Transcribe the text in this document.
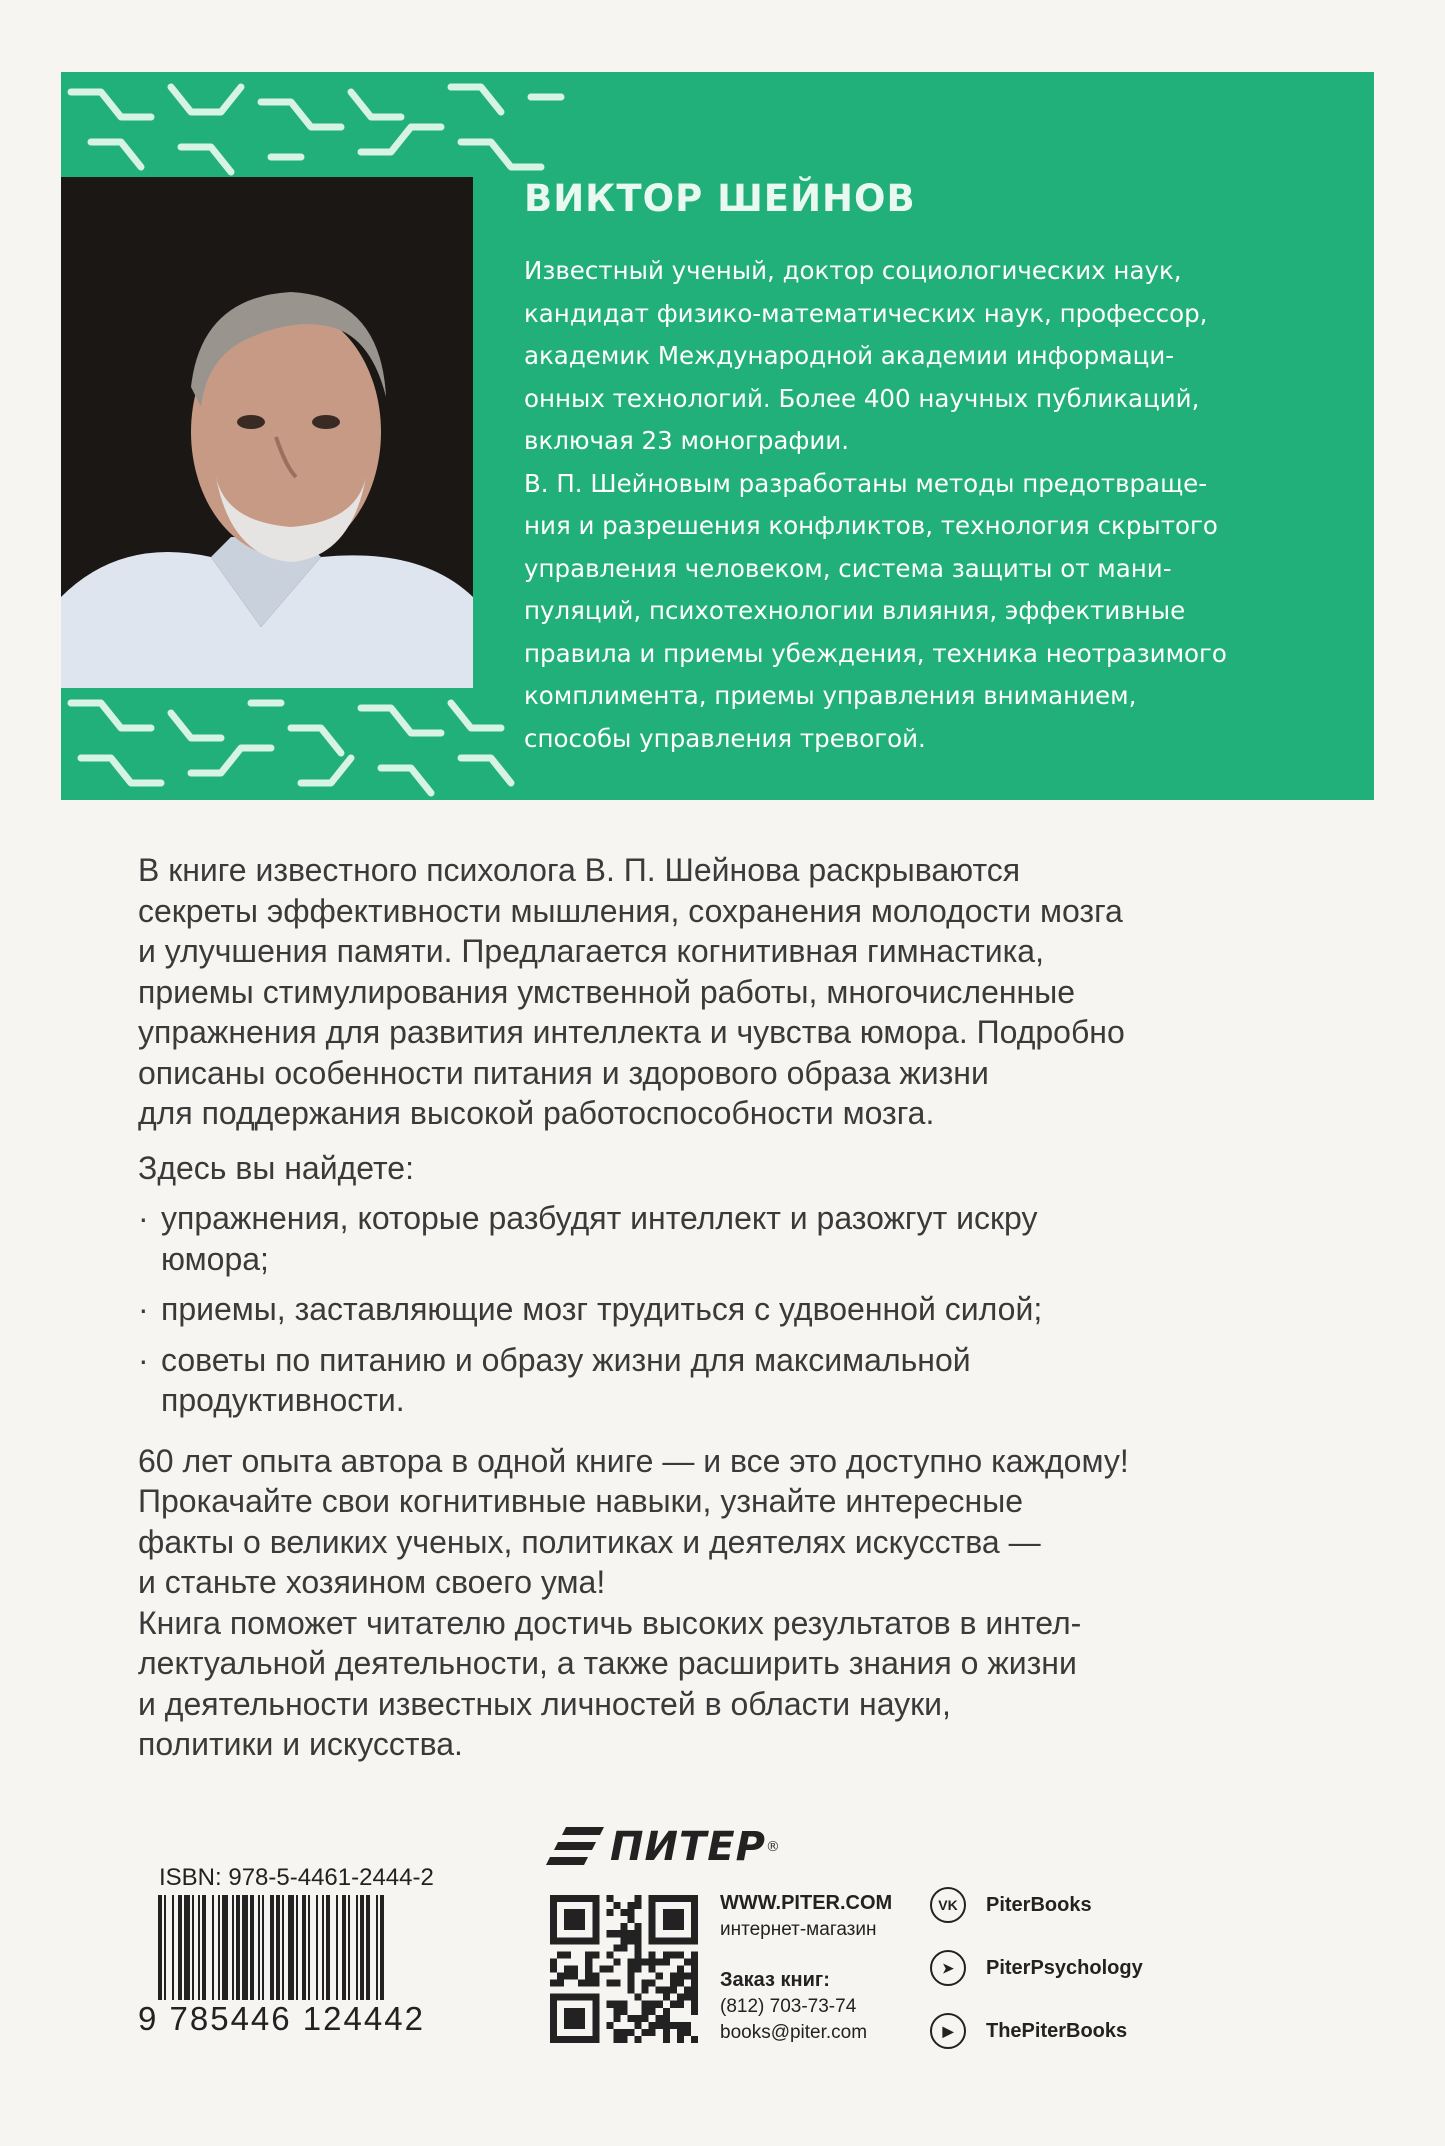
ВИКТОР ШЕЙНОВ

Известный ученый, доктор социологических наук,

кандидат физико-математических наук, профессор,

академик Международной академии информаци-

онных технологий. Более 400 научных публикаций,

включая 23 монографии.

В. П. Шейновым разработаны методы предотвраще-

ния и разрешения конфликтов, технология скрытого

управления человеком, система защиты от мани-

пуляций, психотехнологии влияния, эффективные

правила и приемы убеждения, техника неотразимого

комплимента, приемы управления вниманием,

способы управления тревогой.

В книге известного психолога В. П. Шейнова раскрываются

секреты эффективности мышления, сохранения молодости мозга

и улучшения памяти. Предлагается когнитивная гимнастика,

приемы стимулирования умственной работы, многочисленные

упражнения для развития интеллекта и чувства юмора. Подробно

описаны особенности питания и здорового образа жизни

для поддержания высокой работоспособности мозга.

Здесь вы найдете:

· упражнения, которые разбудят интеллект и разожгут искру
юмора;
· приемы, заставляющие мозг трудиться с удвоенной силой;
· советы по питанию и образу жизни для максимальной
продуктивности.

60 лет опыта автора в одной книге — и все это доступно каждому!

Прокачайте свои когнитивные навыки, узнайте интересные

факты о великих ученых, политиках и деятелях искусства —

и станьте хозяином своего ума!

Книга поможет читателю достичь высоких результатов в интел-

лектуальной деятельности, а также расширить знания о жизни

и деятельности известных личностей в области науки,

политики и искусства.

ПИТЕР ®
ISBN: 978-5-4461-2444-2
9 785446 124442
WWW.PITER.COM
интернет-магазин
Заказ книг:
(812) 703-73-74
books@piter.com
VK	PiterBooks
➤	PiterPsychology
▶	ThePiterBooks
